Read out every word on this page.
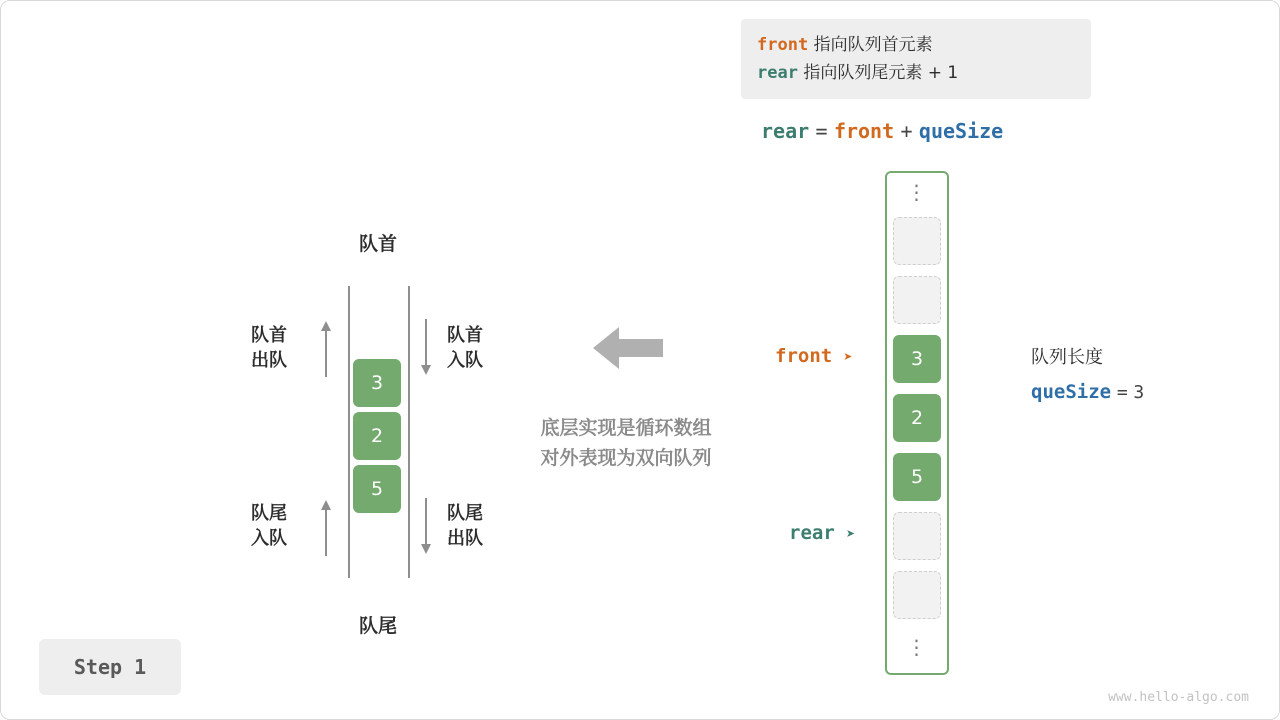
front 指向队列首元素
rear 指向队列尾元素 + 1
rear = front + queSize
队首
队尾
3
2
5
队首
出队
队首
入队
队尾
入队
队尾
出队
底层实现是循环数组
对外表现为双向队列
⋮
⋮
3
2
5
front ➤
rear ➤
队列长度
queSize = 3
Step 1
www.hello-algo.com
